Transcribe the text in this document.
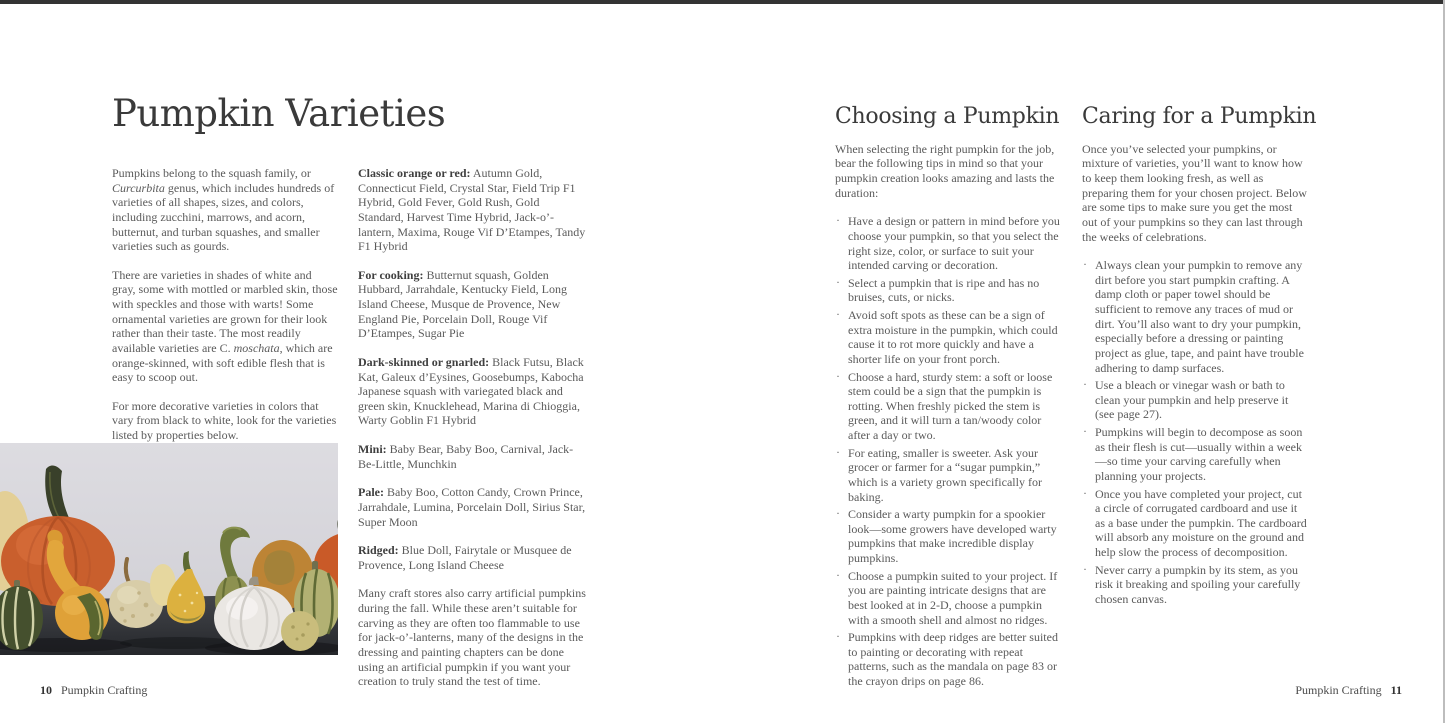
Pumpkin Varieties

Pumpkins belong to the squash family, or Curcurbita genus, which includes hundreds of varieties of all shapes, sizes, and colors, including zucchini, marrows, and acorn, butternut, and turban squashes, and smaller varieties such as gourds.

There are varieties in shades of white and gray, some with mottled or marbled skin, those with speckles and those with warts! Some ornamental varieties are grown for their look rather than their taste. The most readily available varieties are C. moschata, which are orange-skinned, with soft edible flesh that is easy to scoop out.

For more decorative varieties in colors that vary from black to white, look for the varieties listed by properties below.

Classic orange or red: Autumn Gold, Connecticut Field, Crystal Star, Field Trip F1 Hybrid, Gold Fever, Gold Rush, Gold Standard, Harvest Time Hybrid, Jack-o’-lantern, Maxima, Rouge Vif D’Etampes, Tandy F1 Hybrid

For cooking: Butternut squash, Golden Hubbard, Jarrahdale, Kentucky Field, Long Island Cheese, Musque de Provence, New England Pie, Porcelain Doll, Rouge Vif D’Etampes, Sugar Pie

Dark-skinned or gnarled: Black Futsu, Black Kat, Galeux d’Eysines, Goosebumps, Kabocha Japanese squash with variegated black and green skin, Knucklehead, Marina di Chioggia, Warty Goblin F1 Hybrid

Mini: Baby Bear, Baby Boo, Carnival, Jack-Be-Little, Munchkin

Pale: Baby Boo, Cotton Candy, Crown Prince, Jarrahdale, Lumina, Porcelain Doll, Sirius Star, Super Moon

Ridged: Blue Doll, Fairytale or Musquee de Provence, Long Island Cheese

Many craft stores also carry artificial pumpkins during the fall. While these aren’t suitable for carving as they are often too flammable to use for jack-o’-lanterns, many of the designs in the dressing and painting chapters can be done using an artificial pumpkin if you want your creation to truly stand the test of time.

10 Pumpkin Crafting
Choosing a Pumpkin

When selecting the right pumpkin for the job, bear the following tips in mind so that your pumpkin creation looks amazing and lasts the duration:

· Have a design or pattern in mind before you choose your pumpkin, so that you select the right size, color, or surface to suit your intended carving or decoration.
· Select a pumpkin that is ripe and has no bruises, cuts, or nicks.
· Avoid soft spots as these can be a sign of extra moisture in the pumpkin, which could cause it to rot more quickly and have a shorter life on your front porch.
· Choose a hard, sturdy stem: a soft or loose stem could be a sign that the pumpkin is rotting. When freshly picked the stem is green, and it will turn a tan/woody color after a day or two.
· For eating, smaller is sweeter. Ask your grocer or farmer for a “sugar pumpkin,” which is a variety grown specifically for baking.
· Consider a warty pumpkin for a spookier look—some growers have developed warty pumpkins that make incredible display pumpkins.
· Choose a pumpkin suited to your project. If you are painting intricate designs that are best looked at in 2-D, choose a pumpkin with a smooth shell and almost no ridges.
· Pumpkins with deep ridges are better suited to painting or decorating with repeat patterns, such as the mandala on page 83 or the crayon drips on page 86.
Caring for a Pumpkin

Once you’ve selected your pumpkins, or mixture of varieties, you’ll want to know how to keep them looking fresh, as well as preparing them for your chosen project. Below are some tips to make sure you get the most out of your pumpkins so they can last through the weeks of celebrations.

· Always clean your pumpkin to remove any dirt before you start pumpkin crafting. A damp cloth or paper towel should be sufficient to remove any traces of mud or dirt. You’ll also want to dry your pumpkin, especially before a dressing or painting project as glue, tape, and paint have trouble adhering to damp surfaces.
· Use a bleach or vinegar wash or bath to clean your pumpkin and help preserve it (see page 27).
· Pumpkins will begin to decompose as soon as their flesh is cut—usually within a week—so time your carving carefully when planning your projects.
· Once you have completed your project, cut a circle of corrugated cardboard and use it as a base under the pumpkin. The cardboard will absorb any moisture on the ground and help slow the process of decomposition.
· Never carry a pumpkin by its stem, as you risk it breaking and spoiling your carefully chosen canvas.
Pumpkin Crafting 11
